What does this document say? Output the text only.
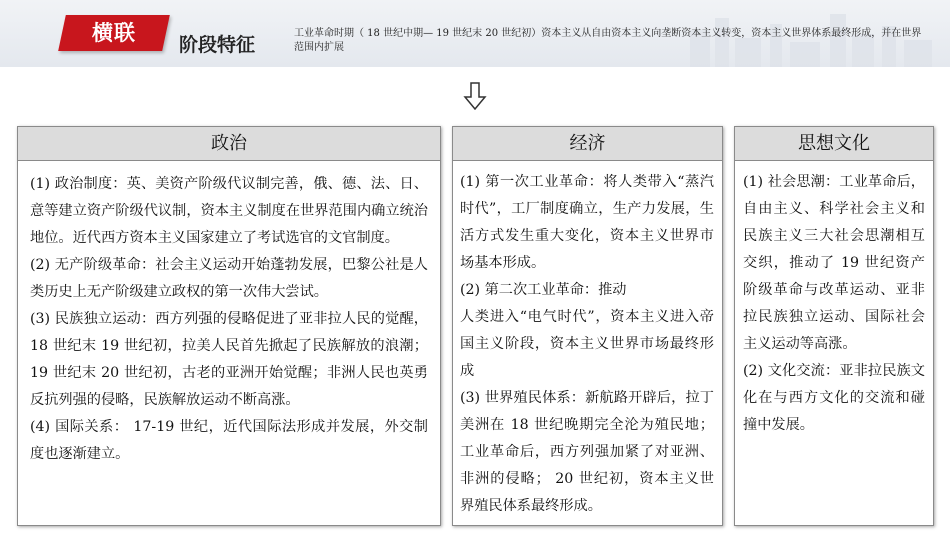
横联	阶段特征
工业革命时期（ 18 世纪中期— 19 世纪末 20 世纪初）资本主义从自由资本主义向垄断资本主义转变，资本主义世界体系最终形成，并在世界范围内扩展
政治

(1) 政治制度：英、美资产阶级代议制完善，俄、德、法、日、意等建立资产阶级代议制，资本主义制度在世界范围内确立统治地位。近代西方资本主义国家建立了考试选官的文官制度。

(2) 无产阶级革命：社会主义运动开始蓬勃发展，巴黎公社是人类历史上无产阶级建立政权的第一次伟大尝试。

(3) 民族独立运动：西方列强的侵略促进了亚非拉人民的觉醒， 18 世纪末 19 世纪初，拉美人民首先掀起了民族解放的浪潮； 19 世纪末 20 世纪初，古老的亚洲开始觉醒；非洲人民也英勇反抗列强的侵略，民族解放运动不断高涨。

(4) 国际关系： 17-19 世纪，近代国际法形成并发展，外交制度也逐渐建立。

经济

(1) 第一次工业革命：将人类带入“蒸汽时代”，工厂制度确立，生产力发展，生活方式发生重大变化，资本主义世界市场基本形成。

(2) 第二次工业革命：推动

人类进入“电气时代”，资本主义进入帝国主义阶段，资本主义世界市场最终形成

(3) 世界殖民体系：新航路开辟后，拉丁美洲在 18 世纪晚期完全沦为殖民地；工业革命后，西方列强加紧了对亚洲、非洲的侵略； 20 世纪初，资本主义世界殖民体系最终形成。

思想文化

(1) 社会思潮：工业革命后，自由主义、科学社会主义和民族主义三大社会思潮相互交织，推动了 19 世纪资产阶级革命与改革运动、亚非拉民族独立运动、国际社会主义运动等高涨。

(2) 文化交流：亚非拉民族文化在与西方文化的交流和碰撞中发展。
